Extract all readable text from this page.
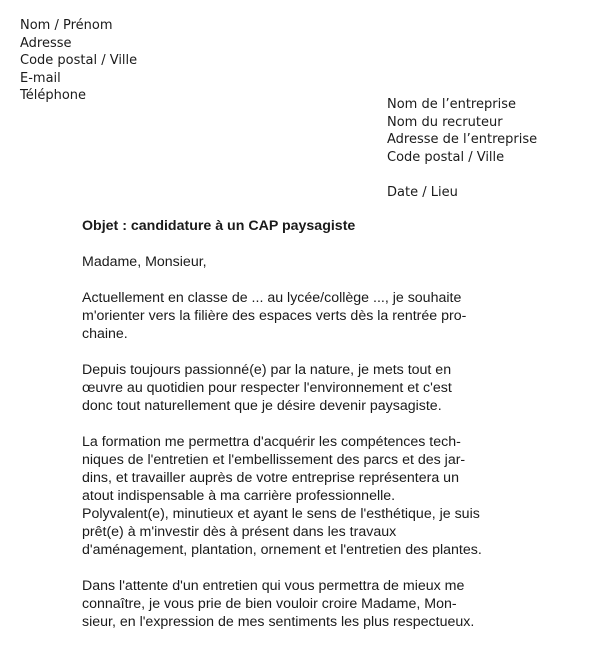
Nom / Prénom
Adresse
Code postal / Ville
E-mail
Téléphone
Nom de l’entreprise
Nom du recruteur
Adresse de l’entreprise
Code postal / Ville
Date / Lieu
Objet : candidature à un CAP paysagiste
Madame, Monsieur,
Actuellement en classe de ... au lycée/collège ..., je souhaite
m'orienter vers la filière des espaces verts dès la rentrée pro-
chaine.
Depuis toujours passionné(e) par la nature, je mets tout en
œuvre au quotidien pour respecter l'environnement et c'est
donc tout naturellement que je désire devenir paysagiste.
La formation me permettra d'acquérir les compétences tech-
niques de l'entretien et l'embellissement des parcs et des jar-
dins, et travailler auprès de votre entreprise représentera un
atout indispensable à ma carrière professionnelle.
Polyvalent(e), minutieux et ayant le sens de l'esthétique, je suis
prêt(e) à m'investir dès à présent dans les travaux
d'aménagement, plantation, ornement et l'entretien des plantes.
Dans l'attente d'un entretien qui vous permettra de mieux me
connaître, je vous prie de bien vouloir croire Madame, Mon-
sieur, en l'expression de mes sentiments les plus respectueux.
